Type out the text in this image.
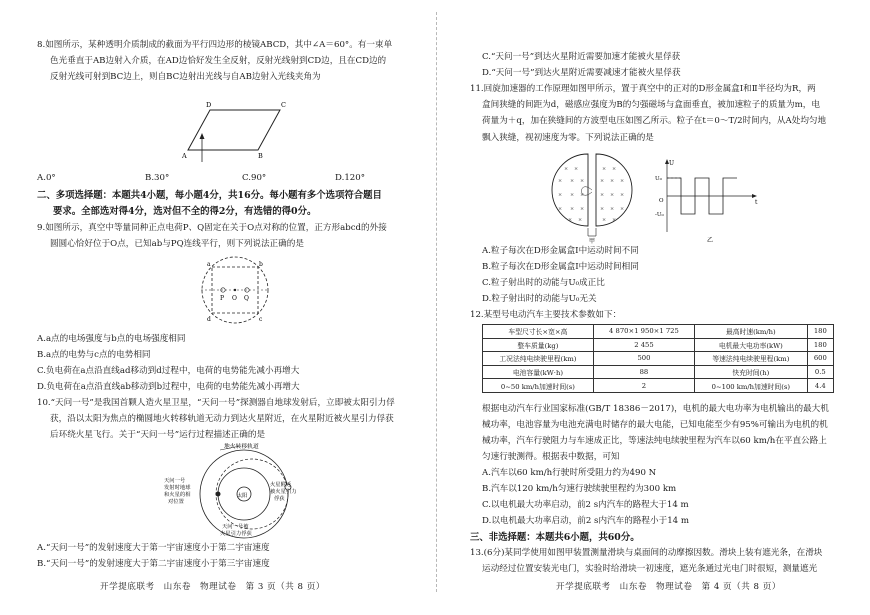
8.如图所示，某种透明介质制成的截面为平行四边形的棱镜ABCD，其中∠A＝60°。有一束单
色光垂直于AB边射入介质，在AD边恰好发生全反射，反射光线射到CD边，且在CD边的
反射光线可射到BC边上，则自BC边射出光线与自AB边射入光线夹角为
A
D	C
B
A.0°	B.30°	C.90°	D.120°
二、多项选择题：本题共4小题，每小题4分，共16分。每小题有多个选项符合题目
要求。全部选对得4分，选对但不全的得2分，有选错的得0分。
9.如图所示，真空中等量同种正点电荷P、Q固定在关于O点对称的位置，正方形abcd的外接
圆圆心恰好位于O点，已知ab与PQ连线平行，则下列说法正确的是
a	b
c
d
P O Q
A.a点的电场强度与b点的电场强度相同
B.a点的电势与c点的电势相同
C.负电荷在a点沿直线ad移动到d过程中，电荷的电势能先减小再增大
D.负电荷在a点沿直线ab移动到b过程中，电荷的电势能先减小再增大
10.“天问一号”是我国首颗人造火星卫星，“天问一号”探测器自地球发射后，立即被太阳引力俘
获，沿以太阳为焦点的椭圆地火转移轨道无动力到达火星附近，在火星附近被火星引力俘获
后环绕火星飞行。关于“天问一号”运行过程描述正确的是
地火转移轨道
天问一号
发射时地球
和火星的相
对位置
太阳
火星附近
被火星引力
俘获
天问一号被
火星引力俘获
A.“天问一号”的发射速度大于第一宇宙速度小于第二宇宙速度
B.“天问一号”的发射速度大于第二宇宙速度小于第三宇宙速度
开学提底联考　山东卷　物理试卷　第 3 页（共 8 页）
C.“天问一号”到达火星附近需要加速才能被火星俘获
D.“天问一号”到达火星附近需要减速才能被火星俘获
11.回旋加速器的工作原理如图甲所示，置于真空中的正对的D形金属盒Ⅰ和Ⅱ半径均为R，两
盒间狭缝的间距为d，磁感应强度为B的匀强磁场与盒面垂直，被加速粒子的质量为m，电
荷量为＋q，加在狭缝间的方波型电压如图乙所示。粒子在t＝0～T/2时间内，从A处均匀地
飘入狭缝，视初速度为零。下列说法正确的是
× ×	× ×
× × ×	× × ×
× × ×	× × ×
× × ×	× × ×
× ×	× ×
甲
U
U₀
-U₀
O	t
乙
A.粒子每次在D形金属盒Ⅰ中运动时间不同
B.粒子每次在D形金属盒Ⅰ中运动时间相同
C.粒子射出时的动能与U₀成正比
D.粒子射出时的动能与U₀无关
12.某型号电动汽车主要技术参数如下：
车型尺寸长×宽×高	4 870×1 950×1 725	最高时速(km/h)	180
整车质量(kg)	2 455	电机最大电功率(kW)	180
工况法纯电续驶里程(km)	500	等速法纯电续驶里程(km)	600
电池容量(kW·h)	88	快充时间(h)	0.5
0~50 km/h加速时间(s)	2	0~100 km/h加速时间(s)	4.4
根据电动汽车行业国家标准(GB/T 18386－2017)，电机的最大电功率为电机输出的最大机
械功率，电池容量为电池充满电时储存的最大电能，已知电能至少有95%可输出为电机的机
械功率，汽车行驶阻力与车速成正比，等速法纯电续驶里程为汽车以60 km/h在平直公路上
匀速行驶测得。根据表中数据，可知
A.汽车以60 km/h行驶时所受阻力约为490 N
B.汽车以120 km/h匀速行驶续驶里程约为300 km
C.以电机最大功率启动，前2 s内汽车的路程大于14 m
D.以电机最大功率启动，前2 s内汽车的路程小于14 m
三、非选择题：本题共6小题，共60分。
13.(6分)某同学使用如图甲装置测量滑块与桌面间的动摩擦因数。滑块上装有遮光条，在滑块
运动经过位置安装光电门，实验时给滑块一初速度，遮光条通过光电门时很短，测量遮光
开学提底联考　山东卷　物理试卷　第 4 页（共 8 页）
